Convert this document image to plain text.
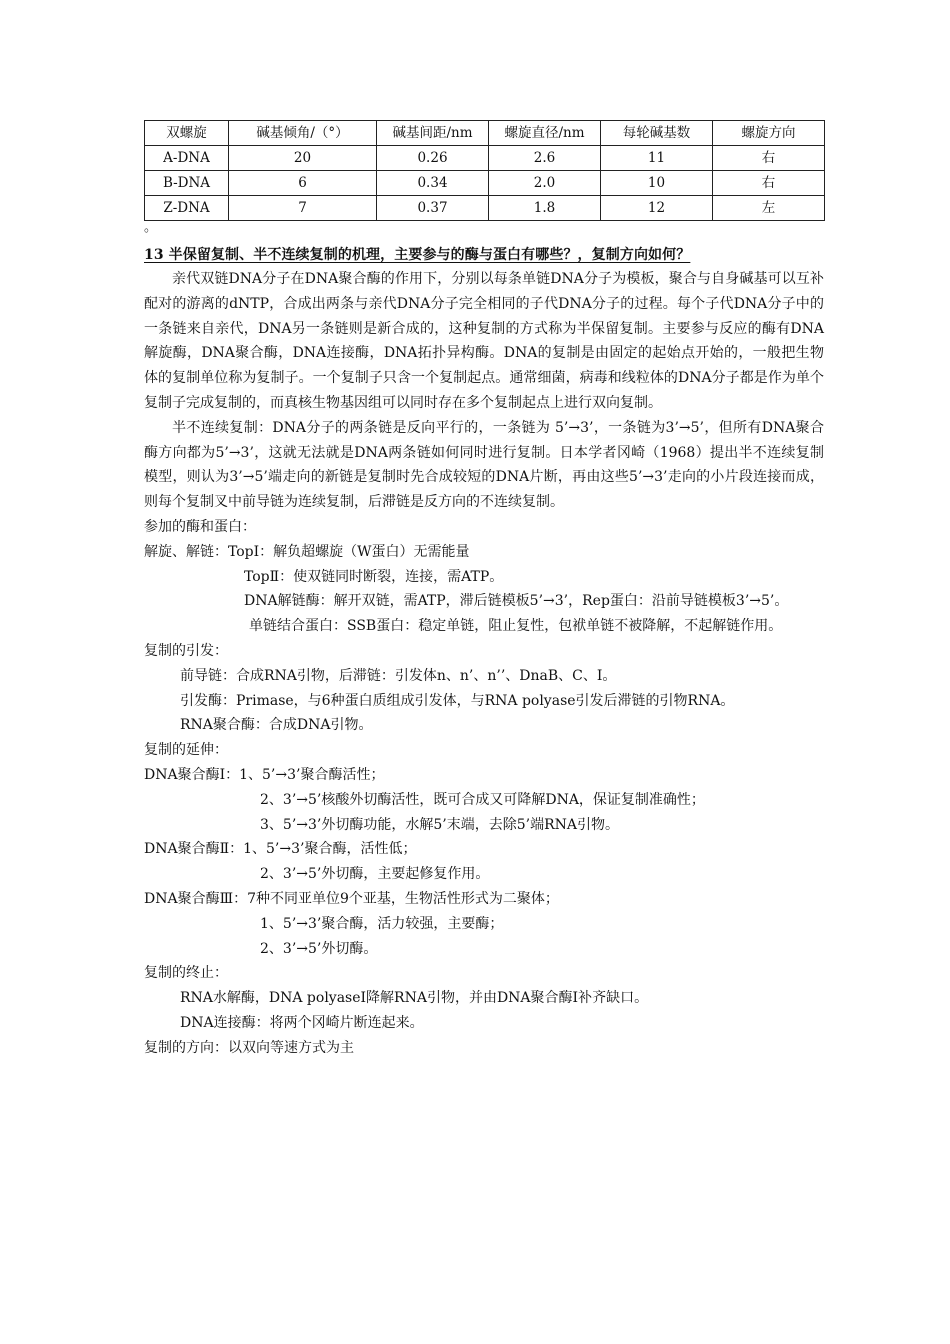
双螺旋	碱基倾角/（°）	碱基间距/nm	螺旋直径/nm	每轮碱基数	螺旋方向
A-DNA	20	0.26	2.6	11	右
B-DNA	6	0.34	2.0	10	右
Z-DNA	7	0.37	1.8	12	左
。
13 半保留复制、半不连续复制的机理，主要参与的酶与蛋白有哪些？，复制方向如何？

亲代双链DNA分子在DNA聚合酶的作用下，分别以每条单链DNA分子为模板，聚合与自身碱基可以互补配对的游离的dNTP，合成出两条与亲代DNA分子完全相同的子代DNA分子的过程。每个子代DNA分子中的一条链来自亲代，DNA另一条链则是新合成的，这种复制的方式称为半保留复制。主要参与反应的酶有DNA解旋酶，DNA聚合酶，DNA连接酶，DNA拓扑异构酶。DNA的复制是由固定的起始点开始的，一般把生物体的复制单位称为复制子。一个复制子只含一个复制起点。通常细菌，病毒和线粒体的DNA分子都是作为单个复制子完成复制的，而真核生物基因组可以同时存在多个复制起点上进行双向复制。

半不连续复制：DNA分子的两条链是反向平行的，一条链为 5’→3’，一条链为3’→5’，但所有DNA聚合酶方向都为5’→3’，这就无法就是DNA两条链如何同时进行复制。日本学者冈崎（1968）提出半不连续复制模型，则认为3’→5’端走向的新链是复制时先合成较短的DNA片断，再由这些5’→3’走向的小片段连接而成，则每个复制叉中前导链为连续复制，后滞链是反方向的不连续复制。

参加的酶和蛋白：

解旋、解链：TopⅠ：解负超螺旋（W蛋白）无需能量

TopⅡ：使双链同时断裂，连接，需ATP。

DNA解链酶：解开双链，需ATP，滞后链模板5’→3’，Rep蛋白：沿前导链模板3’→5’。

单链结合蛋白：SSB蛋白：稳定单链，阻止复性，包袱单链不被降解，不起解链作用。

复制的引发：

前导链：合成RNA引物，后滞链：引发体n、n’、n’’、DnaB、C、I。

引发酶：Primase，与6种蛋白质组成引发体，与RNA polyase引发后滞链的引物RNA。

RNA聚合酶：合成DNA引物。

复制的延伸：

DNA聚合酶Ⅰ：1、5’→3’聚合酶活性；

2、3’→5’核酸外切酶活性，既可合成又可降解DNA，保证复制准确性；

3、5’→3’外切酶功能，水解5’末端，去除5’端RNA引物。

DNA聚合酶Ⅱ：1、5’→3’聚合酶，活性低；

2、3’→5’外切酶，主要起修复作用。

DNA聚合酶Ⅲ：7种不同亚单位9个亚基，生物活性形式为二聚体；

1、5’→3’聚合酶，活力较强，主要酶；

2、3’→5’外切酶。

复制的终止：

RNA水解酶，DNA polyaseⅠ降解RNA引物，并由DNA聚合酶Ⅰ补齐缺口。

DNA连接酶：将两个冈崎片断连起来。

复制的方向：以双向等速方式为主
